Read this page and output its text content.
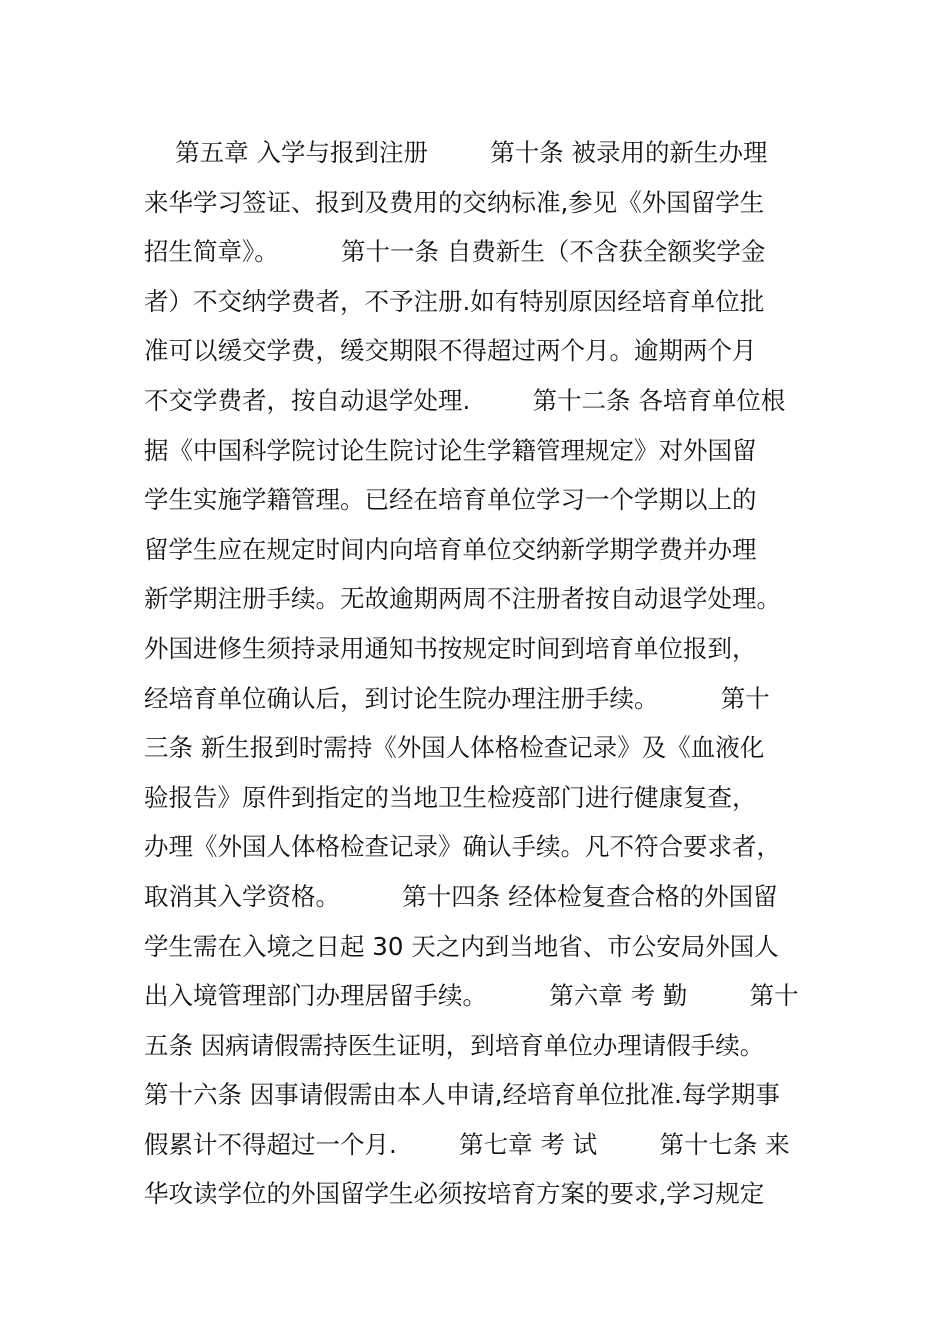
第五章 入学与报到注册        第十条 被录用的新生办理
来华学习签证、报到及费用的交纳标准,参见《外国留学生
招生简章》。        第十一条 自费新生（不含获全额奖学金
者）不交纳学费者，不予注册.如有特别原因经培育单位批
准可以缓交学费，缓交期限不得超过两个月。逾期两个月
不交学费者，按自动退学处理.        第十二条 各培育单位根
据《中国科学院讨论生院讨论生学籍管理规定》对外国留
学生实施学籍管理。已经在培育单位学习一个学期以上的
留学生应在规定时间内向培育单位交纳新学期学费并办理
新学期注册手续。无故逾期两周不注册者按自动退学处理。
外国进修生须持录用通知书按规定时间到培育单位报到，
经培育单位确认后，到讨论生院办理注册手续。        第十
三条 新生报到时需持《外国人体格检查记录》及《血液化
验报告》原件到指定的当地卫生检疫部门进行健康复查，
办理《外国人体格检查记录》确认手续。凡不符合要求者，
取消其入学资格。        第十四条 经体检复查合格的外国留
学生需在入境之日起 30 天之内到当地省、市公安局外国人
出入境管理部门办理居留手续。        第六章 考 勤        第十
五条 因病请假需持医生证明，到培育单位办理请假手续。
第十六条 因事请假需由本人申请,经培育单位批准.每学期事
假累计不得超过一个月.        第七章 考 试        第十七条 来
华攻读学位的外国留学生必须按培育方案的要求,学习规定
